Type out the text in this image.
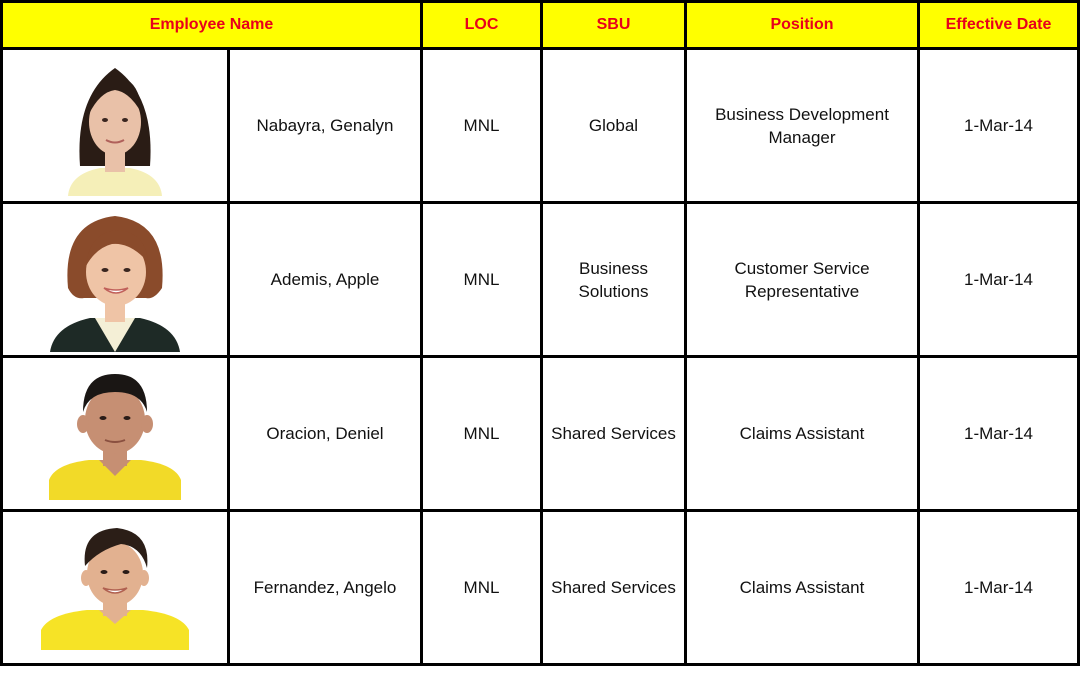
Employee Name		LOC	SBU	Position	Effective Date

	Nabayra, Genalyn	MNL	Global	Business Development Manager	1-Mar-14

	Ademis, Apple	MNL	Business Solutions	Customer Service Representative	1-Mar-14

	Oracion, Deniel	MNL	Shared Services	Claims Assistant	1-Mar-14

	Fernandez, Angelo	MNL	Shared Services	Claims Assistant	1-Mar-14
